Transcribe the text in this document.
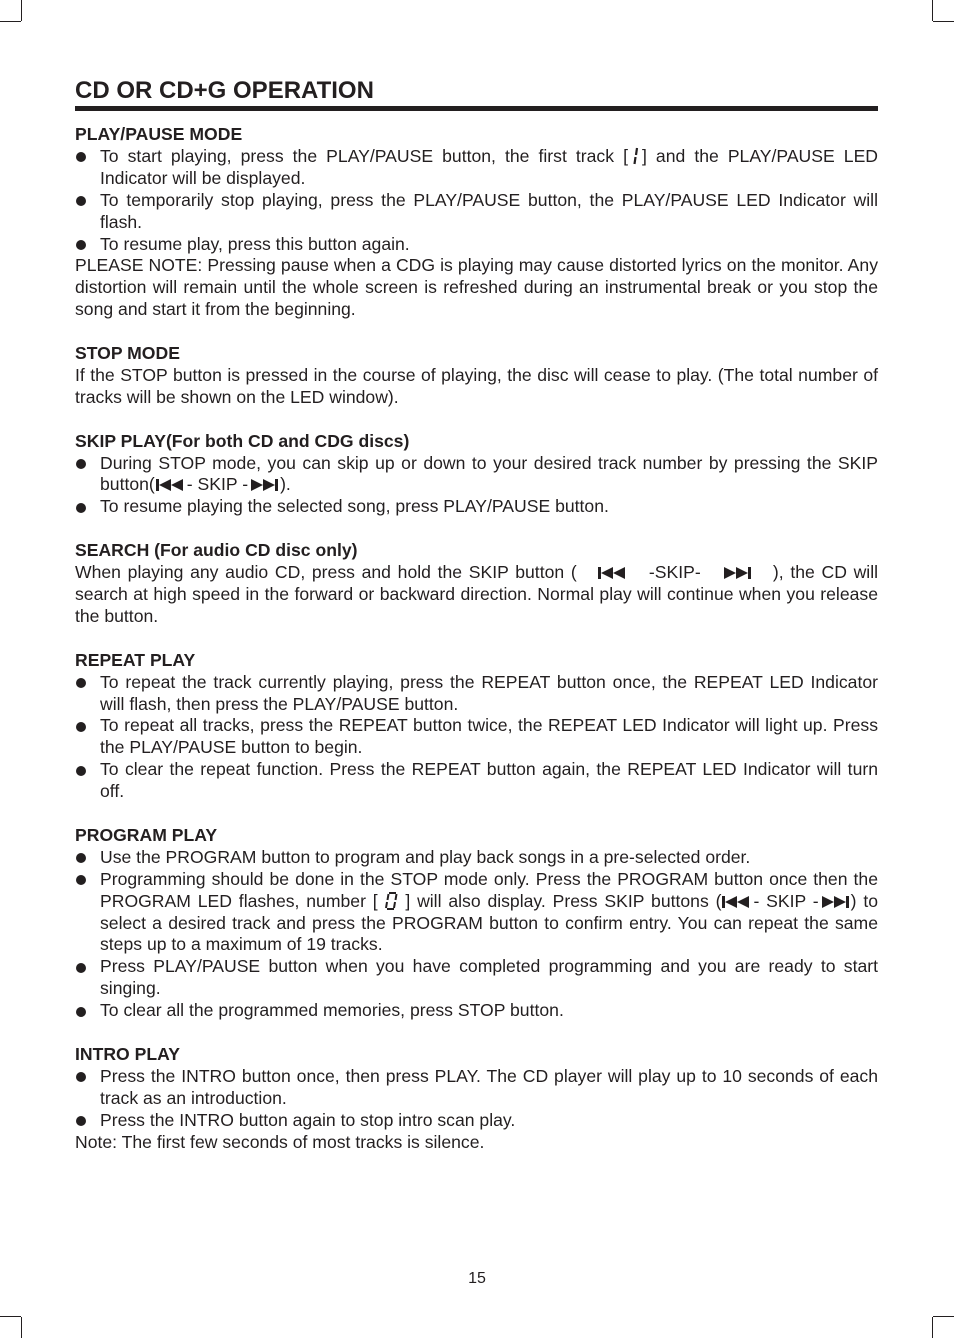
CD OR CD+G OPERATION
PLAY/PAUSE MODE
To start playing, press the PLAY/PAUSE button, the first track [ ] and the PLAY/PAUSE LED Indicator will be displayed.
To temporarily stop playing, press the PLAY/PAUSE button, the PLAY/PAUSE LED Indicator will flash.
To resume play, press this button again.
PLEASE NOTE: Pressing pause when a CDG is playing may cause distorted lyrics on the monitor. Any distortion will remain until the whole screen is refreshed during an instrumental break or you stop the song and start it from the beginning.
STOP MODE
If the STOP button is pressed in the course of playing, the disc will cease to play. (The total number of tracks will be shown on the LED window).
SKIP PLAY(For both CD and CDG discs)
During STOP mode, you can skip up or down to your desired track number by pressing the SKIP button( - SKIP - ).
To resume playing the selected song, press PLAY/PAUSE button.
SEARCH (For audio CD disc only)
When playing any audio CD, press and hold the SKIP button (	-SKIP-	), the CD will search at high speed in the forward or backward direction. Normal play will continue when you release the button.
REPEAT PLAY
To repeat the track currently playing, press the REPEAT button once, the REPEAT LED Indicator will flash, then press the PLAY/PAUSE button.
To repeat all tracks, press the REPEAT button twice, the REPEAT LED Indicator will light up. Press the PLAY/PAUSE button to begin.
To clear the repeat function. Press the REPEAT button again, the REPEAT LED Indicator will turn off.
PROGRAM PLAY
Use the PROGRAM button to program and play back songs in a pre-selected order.
Programming should be done in the STOP mode only. Press the PROGRAM button once then the PROGRAM LED flashes, number [ ] will also display. Press SKIP buttons ( - SKIP - ) to select a desired track and press the PROGRAM button to confirm entry. You can repeat the same steps up to a maximum of 19 tracks.
Press PLAY/PAUSE button when you have completed programming and you are ready to start singing.
To clear all the programmed memories, press STOP button.
INTRO PLAY
Press the INTRO button once, then press PLAY. The CD player will play up to 10 seconds of each track as an introduction.
Press the INTRO button again to stop intro scan play.
Note: The first few seconds of most tracks is silence.
15
